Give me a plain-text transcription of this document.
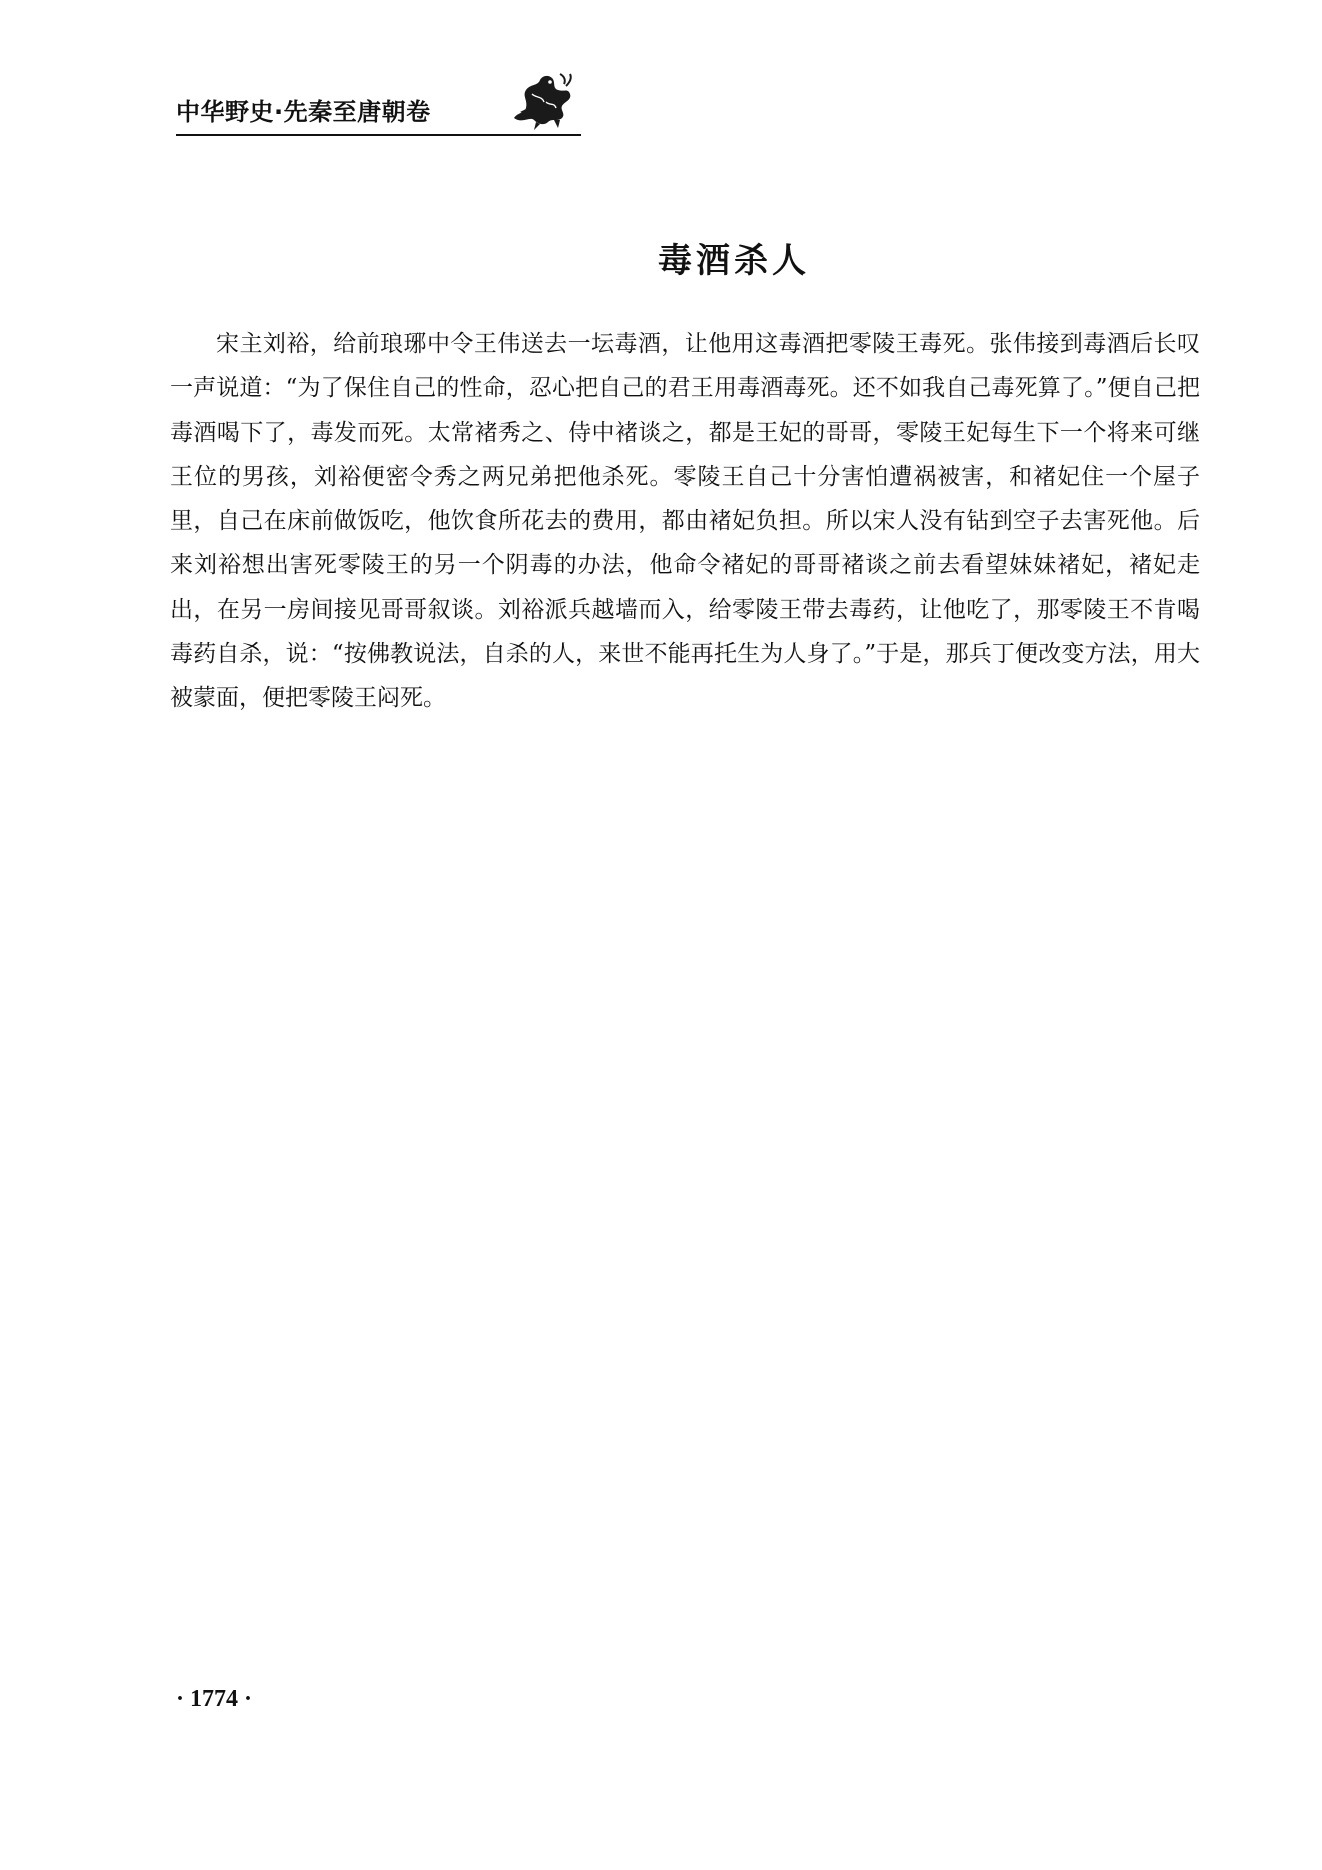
中华野史·先秦至唐朝卷
毒酒杀人

宋主刘裕，给前琅琊中令王伟送去一坛毒酒，让他用这毒酒把零陵王毒死。张伟接到毒酒后长叹一声说道：“为了保住自己的性命，忍心把自己的君王用毒酒毒死。还不如我自己毒死算了。”便自己把毒酒喝下了，毒发而死。太常褚秀之、侍中褚谈之，都是王妃的哥哥，零陵王妃每生下一个将来可继王位的男孩，刘裕便密令秀之两兄弟把他杀死。零陵王自己十分害怕遭祸被害，和褚妃住一个屋子里，自己在床前做饭吃，他饮食所花去的费用，都由褚妃负担。所以宋人没有钻到空子去害死他。后来刘裕想出害死零陵王的另一个阴毒的办法，他命令褚妃的哥哥褚谈之前去看望妹妹褚妃，褚妃走出，在另一房间接见哥哥叙谈。刘裕派兵越墙而入，给零陵王带去毒药，让他吃了，那零陵王不肯喝毒药自杀，说：“按佛教说法，自杀的人，来世不能再托生为人身了。”于是，那兵丁便改变方法，用大被蒙面，便把零陵王闷死。

· 1774 ·
